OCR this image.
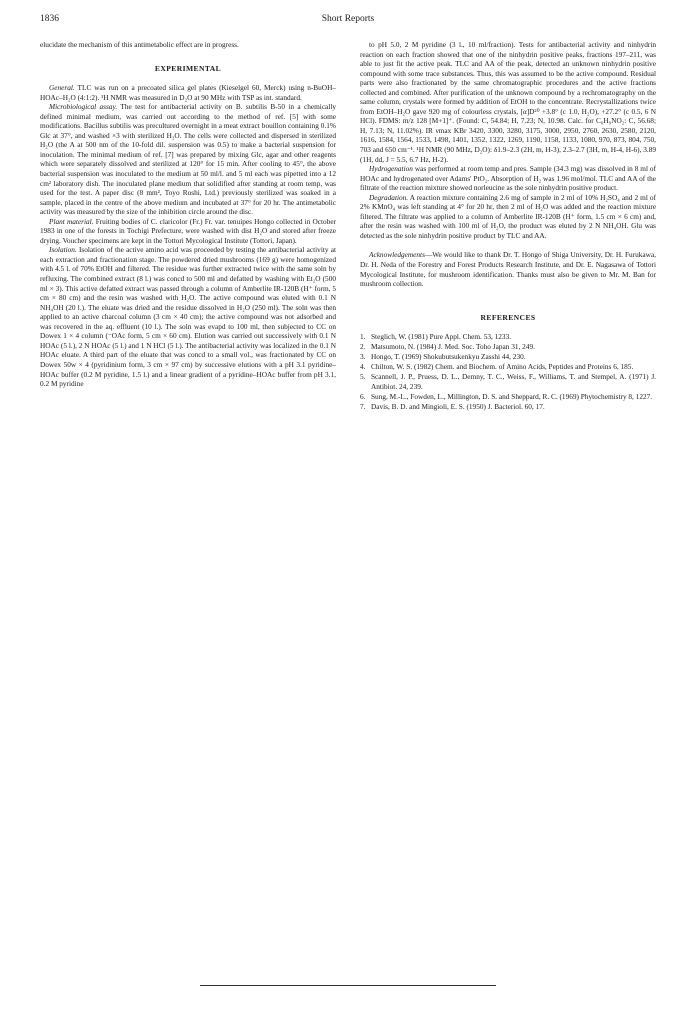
1836	Short Reports

elucidate the mechanism of this antimetabolic effect are in progress.

EXPERIMENTAL

General. TLC was run on a precoated silica gel plates (Kieselgel 60, Merck) using n-BuOH–HOAc–H₂O (4:1:2). ¹H NMR was measured in D₂O at 90 MHz with TSP as int. standard.

Microbiological assay. The test for antibacterial activity on B. subtilis B-50 in a chemically defined minimal medium, was carried out according to the method of ref. [5] with some modifications. Bacillus subtilis was precultured overnight in a meat extract bouillon containing 0.1% Glc at 37°, and washed ×3 with sterilized H₂O. The cells were collected and dispersed in sterilized H₂O (the A at 500 nm of the 10-fold dil. suspension was 0.5) to make a bacterial suspension for inoculation. The minimal medium of ref. [7] was prepared by mixing Glc, agar and other reagents which were separately dissolved and sterilized at 120° for 15 min. After cooling to 45°, the above bacterial suspension was inoculated to the medium at 50 ml/l. and 5 ml each was pipetted into a 12 cm² laboratory dish. The inoculated plane medium that solidified after standing at room temp, was used for the test. A paper disc (8 mm², Toyo Roshi, Ltd.) previously sterilized was soaked in a sample, placed in the centre of the above medium and incubated at 37° for 20 hr. The antimetabolic activity was measured by the size of the inhibition circle around the disc.

Plant material. Fruiting bodies of C. claricolor (Fr.) Fr. var. tenuipes Hongo collected in October 1983 in one of the forests in Tochigi Prefecture, were washed with dist H₂O and stored after freeze drying. Voucher specimens are kept in the Tottori Mycological Institute (Tottori, Japan).

Isolation. Isolation of the active amino acid was proceeded by testing the antibacterial activity at each extraction and fractionation stage. The powdered dried mushrooms (169 g) were homogenized with 4.5 l. of 70% EtOH and filtered. The residue was further extracted twice with the same soln by refluxing. The combined extract (8 l.) was concd to 500 ml and defatted by washing with Et₂O (500 ml × 3). This active defatted extract was passed through a column of Amberlite IR-120B (H⁺ form, 5 cm × 80 cm) and the resin was washed with H₂O. The active compound was eluted with 0.1 N NH₄OH (20 l.). The eluate was dried and the residue dissolved in H₂O (250 ml). The soln was then applied to an active charcoal column (3 cm × 40 cm); the active compound was not adsorbed and was recovered in the aq. effluent (10 l.). The soln was evapd to 100 ml, then subjected to CC on Dowex 1 × 4 column (⁻OAc form, 5 cm × 60 cm). Elution was carried out successively with 0.1 N HOAc (5 l.), 2 N HOAc (5 l.) and 1 N HCl (5 l.). The antibacterial activity was localized in the 0.1 N HOAc eluate. A third part of the eluate that was concd to a small vol., was fractionated by CC on Dowex 50w × 4 (pyridinium form, 3 cm × 97 cm) by successive elutions with a pH 3.1 pyridine–HOAc buffer (0.2 M pyridine, 1.5 l.) and a linear gradient of a pyridine–HOAc buffer from pH 3.1, 0.2 M pyridine

to pH 5.0, 2 M pyridine (3 l., 10 ml/fraction). Tests for antibacterial activity and ninhydrin reaction on each fraction showed that one of the ninhydrin positive peaks, fractions 197–211, was able to just fit the active peak. TLC and AA of the peak, detected an unknown ninhydrin positive compound with some trace substances. Thus, this was assumed to be the active compound. Residual parts were also fractionated by the same chromatographic procedures and the active fractions collected and combined. After purification of the unknown compound by a rechromatography on the same column, crystals were formed by addition of EtOH to the concentrate. Recrystallizations twice from EtOH–H₂O gave 920 mg of colourless crystals, [α]D²⁰ +3.8° (c 1.0, H₂O), +27.2° (c 0.5, 6 N HCl). FDMS: m/z 128 [M+1]⁺. (Found: C, 54.84; H, 7.23; N, 10.98. Calc. for C₆H₉NO₂: C, 56.68; H, 7.13; N, 11.02%). IR νmax KBr 3420, 3300, 3280, 3175, 3000, 2950, 2760, 2630, 2580, 2120, 1616, 1584, 1564, 1533, 1498, 1401, 1352, 1322, 1269, 1190, 1158, 1133, 1080, 970, 873, 804, 750, 703 and 650 cm⁻¹. ¹H NMR (90 MHz, D₂O): δ1.9–2.3 (2H, m, H-3), 2.3–2.7 (3H, m, H-4, H-6), 3.89 (1H, dd, J = 5.5, 6.7 Hz, H-2).

Hydrogenation was performed at room temp and pres. Sample (34.3 mg) was dissolved in 8 ml of HOAc and hydrogenated over Adams' PtO₂. Absorption of H₂ was 1.96 mol/mol. TLC and AA of the filtrate of the reaction mixture showed norleucine as the sole ninhydrin positive product.

Degradation. A reaction mixture containing 2.6 mg of sample in 2 ml of 10% H₂SO₄ and 2 ml of 2% KMnO₄ was left standing at 4° for 20 hr, then 2 ml of H₂O was added and the reaction mixture filtered. The filtrate was applied to a column of Amberlite IR-120B (H⁺ form, 1.5 cm × 6 cm) and, after the resin was washed with 100 ml of H₂O, the product was eluted by 2 N NH₄OH. Glu was detected as the sole ninhydrin positive product by TLC and AA.

Acknowledgements—We would like to thank Dr. T. Hongo of Shiga University, Dr. H. Furukawa, Dr. H. Neda of the Forestry and Forest Products Research Institute, and Dr. E. Nagasawa of Tottori Mycological Institute, for mushroom identification. Thanks must also be given to Mr. M. Ban for mushroom collection.

REFERENCES
1. Steglich, W. (1981) Pure Appl. Chem. 53, 1233.
2. Matsumoto, N. (1984) J. Med. Soc. Toho Japan 31, 249.
3. Hongo, T. (1969) Shokubutsukenkyu Zasshi 44, 230.
4. Chilton, W. S. (1982) Chem. and Biochem. of Amino Acids, Peptides and Proteins 6, 185.
5. Scannell, J. P., Pruess, D. L., Demny, T. C., Weiss, F., Williams, T. and Stempel, A. (1971) J. Antibiot. 24, 239.
6. Sung, M.-L., Fowden, L., Millington, D. S. and Sheppard, R. C. (1969) Phytochemistry 8, 1227.
7. Davis, B. D. and Mingioli, E. S. (1950) J. Bacteriol. 60, 17.
